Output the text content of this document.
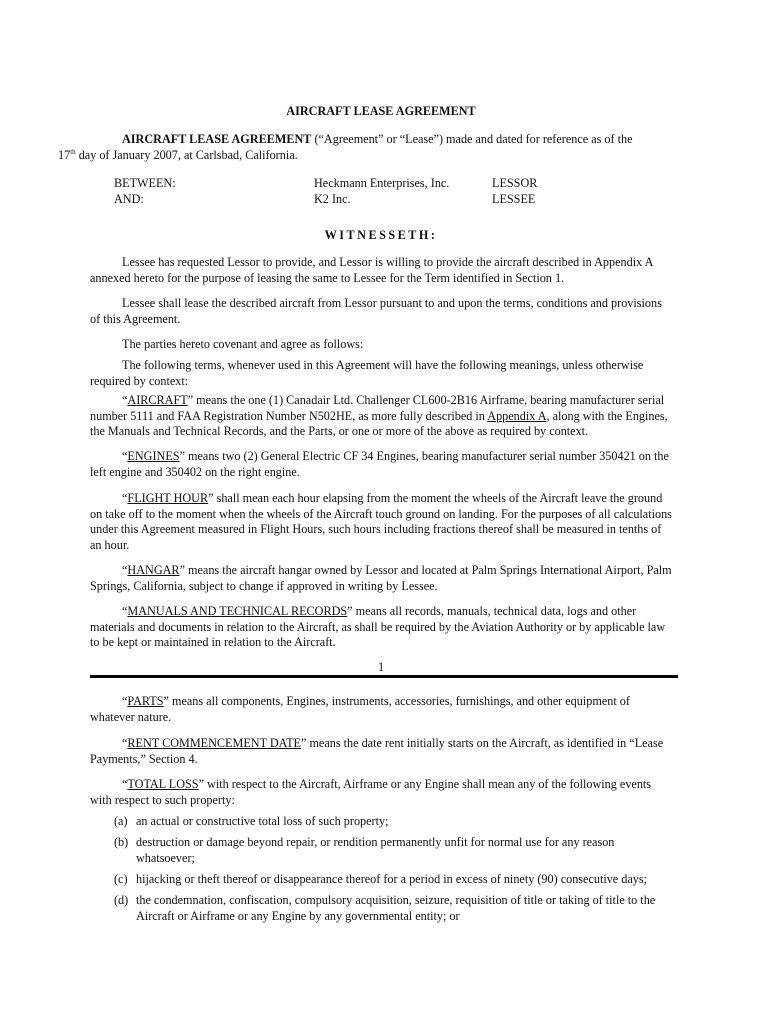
AIRCRAFT LEASE AGREEMENT

AIRCRAFT LEASE AGREEMENT (“Agreement” or “Lease”) made and dated for reference as of the
17th day of January 2007, at Carlsbad, California.

BETWEEN:	Heckmann Enterprises, Inc.	LESSOR
AND:	K2 Inc.	LESSEE
WITNESSETH:

Lessee has requested Lessor to provide, and Lessor is willing to provide the aircraft described in Appendix A annexed hereto for the purpose of leasing the same to Lessee for the Term identified in Section 1.

Lessee shall lease the described aircraft from Lessor pursuant to and upon the terms, conditions and provisions of this Agreement.

The parties hereto covenant and agree as follows:

The following terms, whenever used in this Agreement will have the following meanings, unless otherwise required by context:

“AIRCRAFT” means the one (1) Canadair Ltd. Challenger CL600-2B16 Airframe, bearing manufacturer serial number 5111 and FAA Registration Number N502HE, as more fully described in Appendix A, along with the Engines, the Manuals and Technical Records, and the Parts, or one or more of the above as required by context.

“ENGINES” means two (2) General Electric CF 34 Engines, bearing manufacturer serial number 350421 on the left engine and 350402 on the right engine.

“FLIGHT HOUR” shall mean each hour elapsing from the moment the wheels of the Aircraft leave the ground on take off to the moment when the wheels of the Aircraft touch ground on landing. For the purposes of all calculations under this Agreement measured in Flight Hours, such hours including fractions thereof shall be measured in tenths of an hour.

“HANGAR” means the aircraft hangar owned by Lessor and located at Palm Springs International Airport, Palm Springs, California, subject to change if approved in writing by Lessee.

“MANUALS AND TECHNICAL RECORDS” means all records, manuals, technical data, logs and other materials and documents in relation to the Aircraft, as shall be required by the Aviation Authority or by applicable law to be kept or maintained in relation to the Aircraft.

1

“PARTS” means all components, Engines, instruments, accessories, furnishings, and other equipment of whatever nature.

“RENT COMMENCEMENT DATE” means the date rent initially starts on the Aircraft, as identified in “Lease Payments,” Section 4.

“TOTAL LOSS” with respect to the Aircraft, Airframe or any Engine shall mean any of the following events with respect to such property:

(a) an actual or constructive total loss of such property;
(b) destruction or damage beyond repair, or rendition permanently unfit for normal use for any reason whatsoever;
(c) hijacking or theft thereof or disappearance thereof for a period in excess of ninety (90) consecutive days;
(d) the condemnation, confiscation, compulsory acquisition, seizure, requisition of title or taking of title to the Aircraft or Airframe or any Engine by any governmental entity; or
